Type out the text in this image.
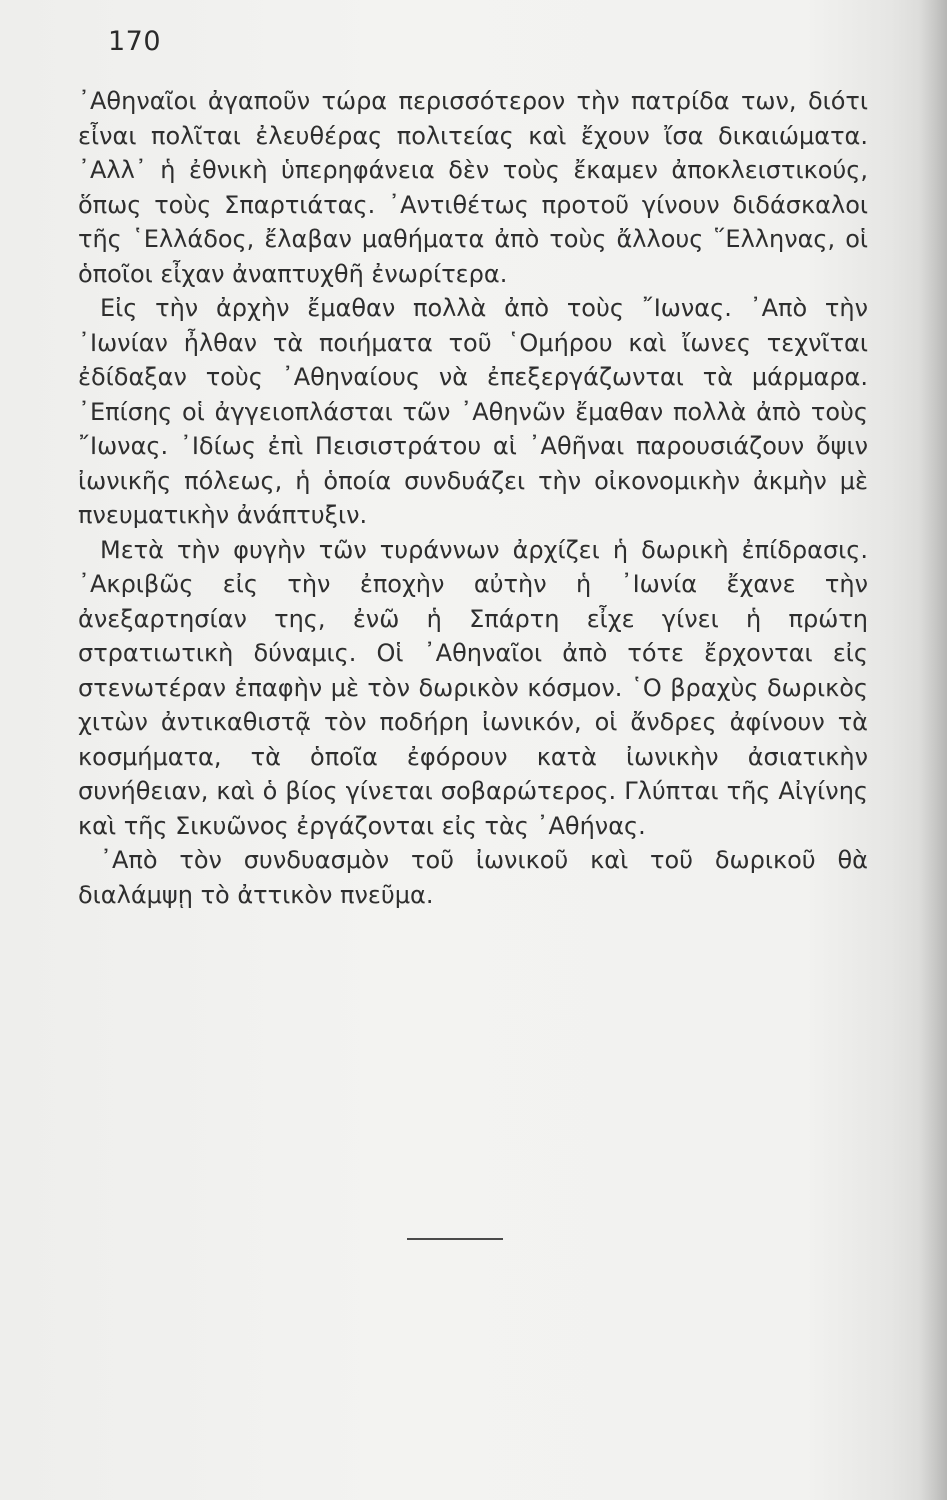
170

᾿Αθηναῖοι ἀγαποῦν τώρα περισσότερον τὴν πατρίδα των, διότι εἶναι πολῖται ἐλευθέρας πολιτείας καὶ ἔχουν ἴσα δικαιώματα. ᾿Αλλ᾿ ἡ ἐθνικὴ ὑπερηφάνεια δὲν τοὺς ἔκαμεν ἀποκλειστικούς, ὅπως τοὺς Σπαρτιάτας. ᾿Αντιθέτως προτοῦ γίνουν διδάσκαλοι τῆς ῾Ελλάδος, ἔλαβαν μαθήματα ἀπὸ τοὺς ἄλλους ῞Ελληνας, οἱ ὁποῖοι εἶχαν ἀναπτυχθῆ ἐνωρίτερα.

Εἰς τὴν ἀρχὴν ἔμαθαν πολλὰ ἀπὸ τοὺς ῎Ιωνας. ᾿Απὸ τὴν ᾿Ιωνίαν ἦλθαν τὰ ποιήματα τοῦ ῾Ομήρου καὶ ἴωνες τεχνῖται ἐδίδαξαν τοὺς ᾿Αθηναίους νὰ ἐπεξεργάζωνται τὰ μάρμαρα. ᾿Επίσης οἱ ἀγγειοπλάσται τῶν ᾿Αθηνῶν ἔμαθαν πολλὰ ἀπὸ τοὺς ῎Ιωνας. ᾿Ιδίως ἐπὶ Πεισιστράτου αἱ ᾿Αθῆναι παρουσιάζουν ὄψιν ἰωνικῆς πόλεως, ἡ ὁποία συνδυάζει τὴν οἰκονομικὴν ἀκμὴν μὲ πνευματικὴν ἀνάπτυξιν.

Μετὰ τὴν φυγὴν τῶν τυράννων ἀρχίζει ἡ δωρικὴ ἐπίδρασις. ᾿Ακριβῶς εἰς τὴν ἐποχὴν αὐτὴν ἡ ᾿Ιωνία ἔχανε τὴν ἀνεξαρτησίαν της, ἐνῶ ἡ Σπάρτη εἶχε γίνει ἡ πρώτη στρατιωτικὴ δύναμις. Οἱ ᾿Αθηναῖοι ἀπὸ τότε ἔρχονται εἰς στενωτέραν ἐπαφὴν μὲ τὸν δωρικὸν κόσμον. ῾Ο βραχὺς δωρικὸς χιτὼν ἀντικαθιστᾷ τὸν ποδήρη ἰωνικόν, οἱ ἄνδρες ἀφίνουν τὰ κοσμήματα, τὰ ὁποῖα ἐφόρουν κατὰ ἰωνικὴν ἀσιατικὴν συνήθειαν, καὶ ὁ βίος γίνεται σοβαρώτερος. Γλύπται τῆς Αἰγίνης καὶ τῆς Σικυῶνος ἐργάζονται εἰς τὰς ᾿Αθήνας.

᾿Απὸ τὸν συνδυασμὸν τοῦ ἰωνικοῦ καὶ τοῦ δωρικοῦ θὰ διαλάμψῃ τὸ ἀττικὸν πνεῦμα.
